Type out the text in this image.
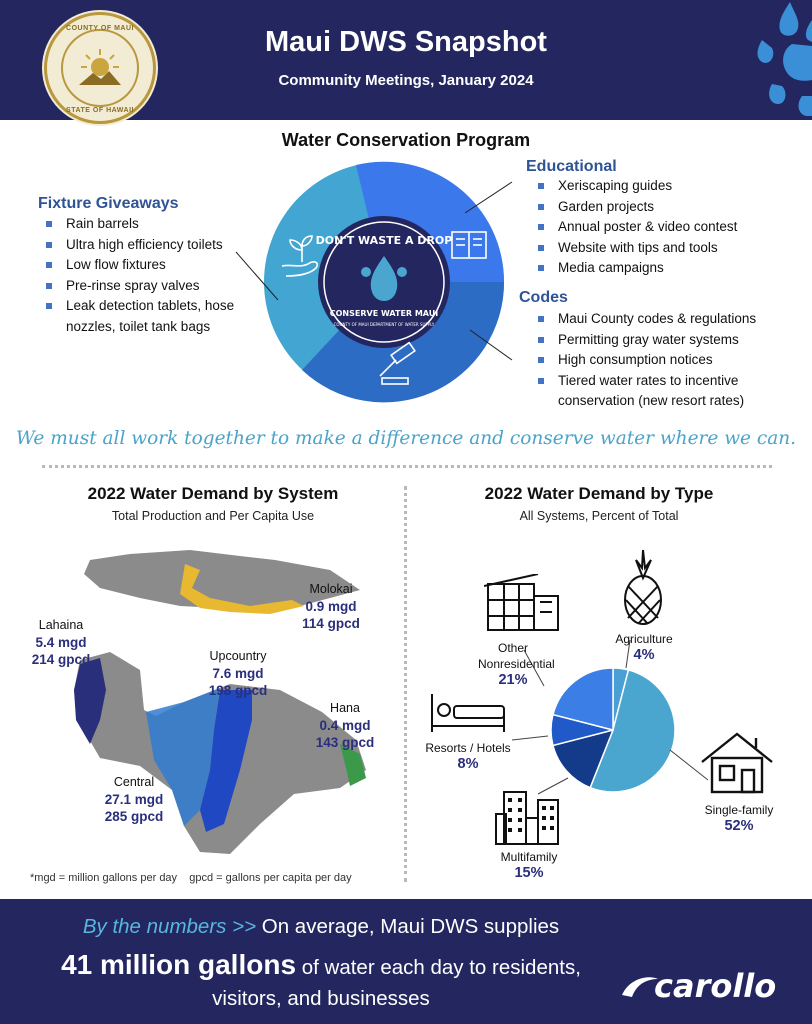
COUNTY OF MAUI
STATE OF HAWAII
Maui DWS Snapshot
Community Meetings, January 2024
Water Conservation Program
DON'T WASTE A DROP
CONSERVE WATER MAUI
COUNTY OF MAUI DEPARTMENT OF WATER SUPPLY
Fixture Giveaways
Rain barrels
Ultra high efficiency toilets
Low flow fixtures
Pre-rinse spray valves
Leak detection tablets, hose nozzles, toilet tank bags
Educational
Xeriscaping guides
Garden projects
Annual poster & video contest
Website with tips and tools
Media campaigns
Codes
Maui County codes & regulations
Permitting gray water systems
High consumption notices
Tiered water rates to incentive conservation (new resort rates)
We must all work together to make a difference and conserve water where we can.
2022 Water Demand by System
Total Production and Per Capita Use
Molokai
0.9 mgd
114 gpcd
Lahaina
5.4 mgd
214 gpcd	Upcountry
7.6 mgd
198 gpcd
Hana
0.4 mgd
143 gpcd
Central
27.1 mgd
285 gpcd
*mgd = million gallons per day    gpcd = gallons per capita per day
2022 Water Demand by Type
All Systems, Percent of Total
Other Nonresidential
21%
Agriculture
4%
Resorts / Hotels
8%
Single-family
52%
Multifamily
15%
By the numbers >> On average, Maui DWS supplies
41 million gallons of water each day to residents,
visitors, and businesses	carollo
